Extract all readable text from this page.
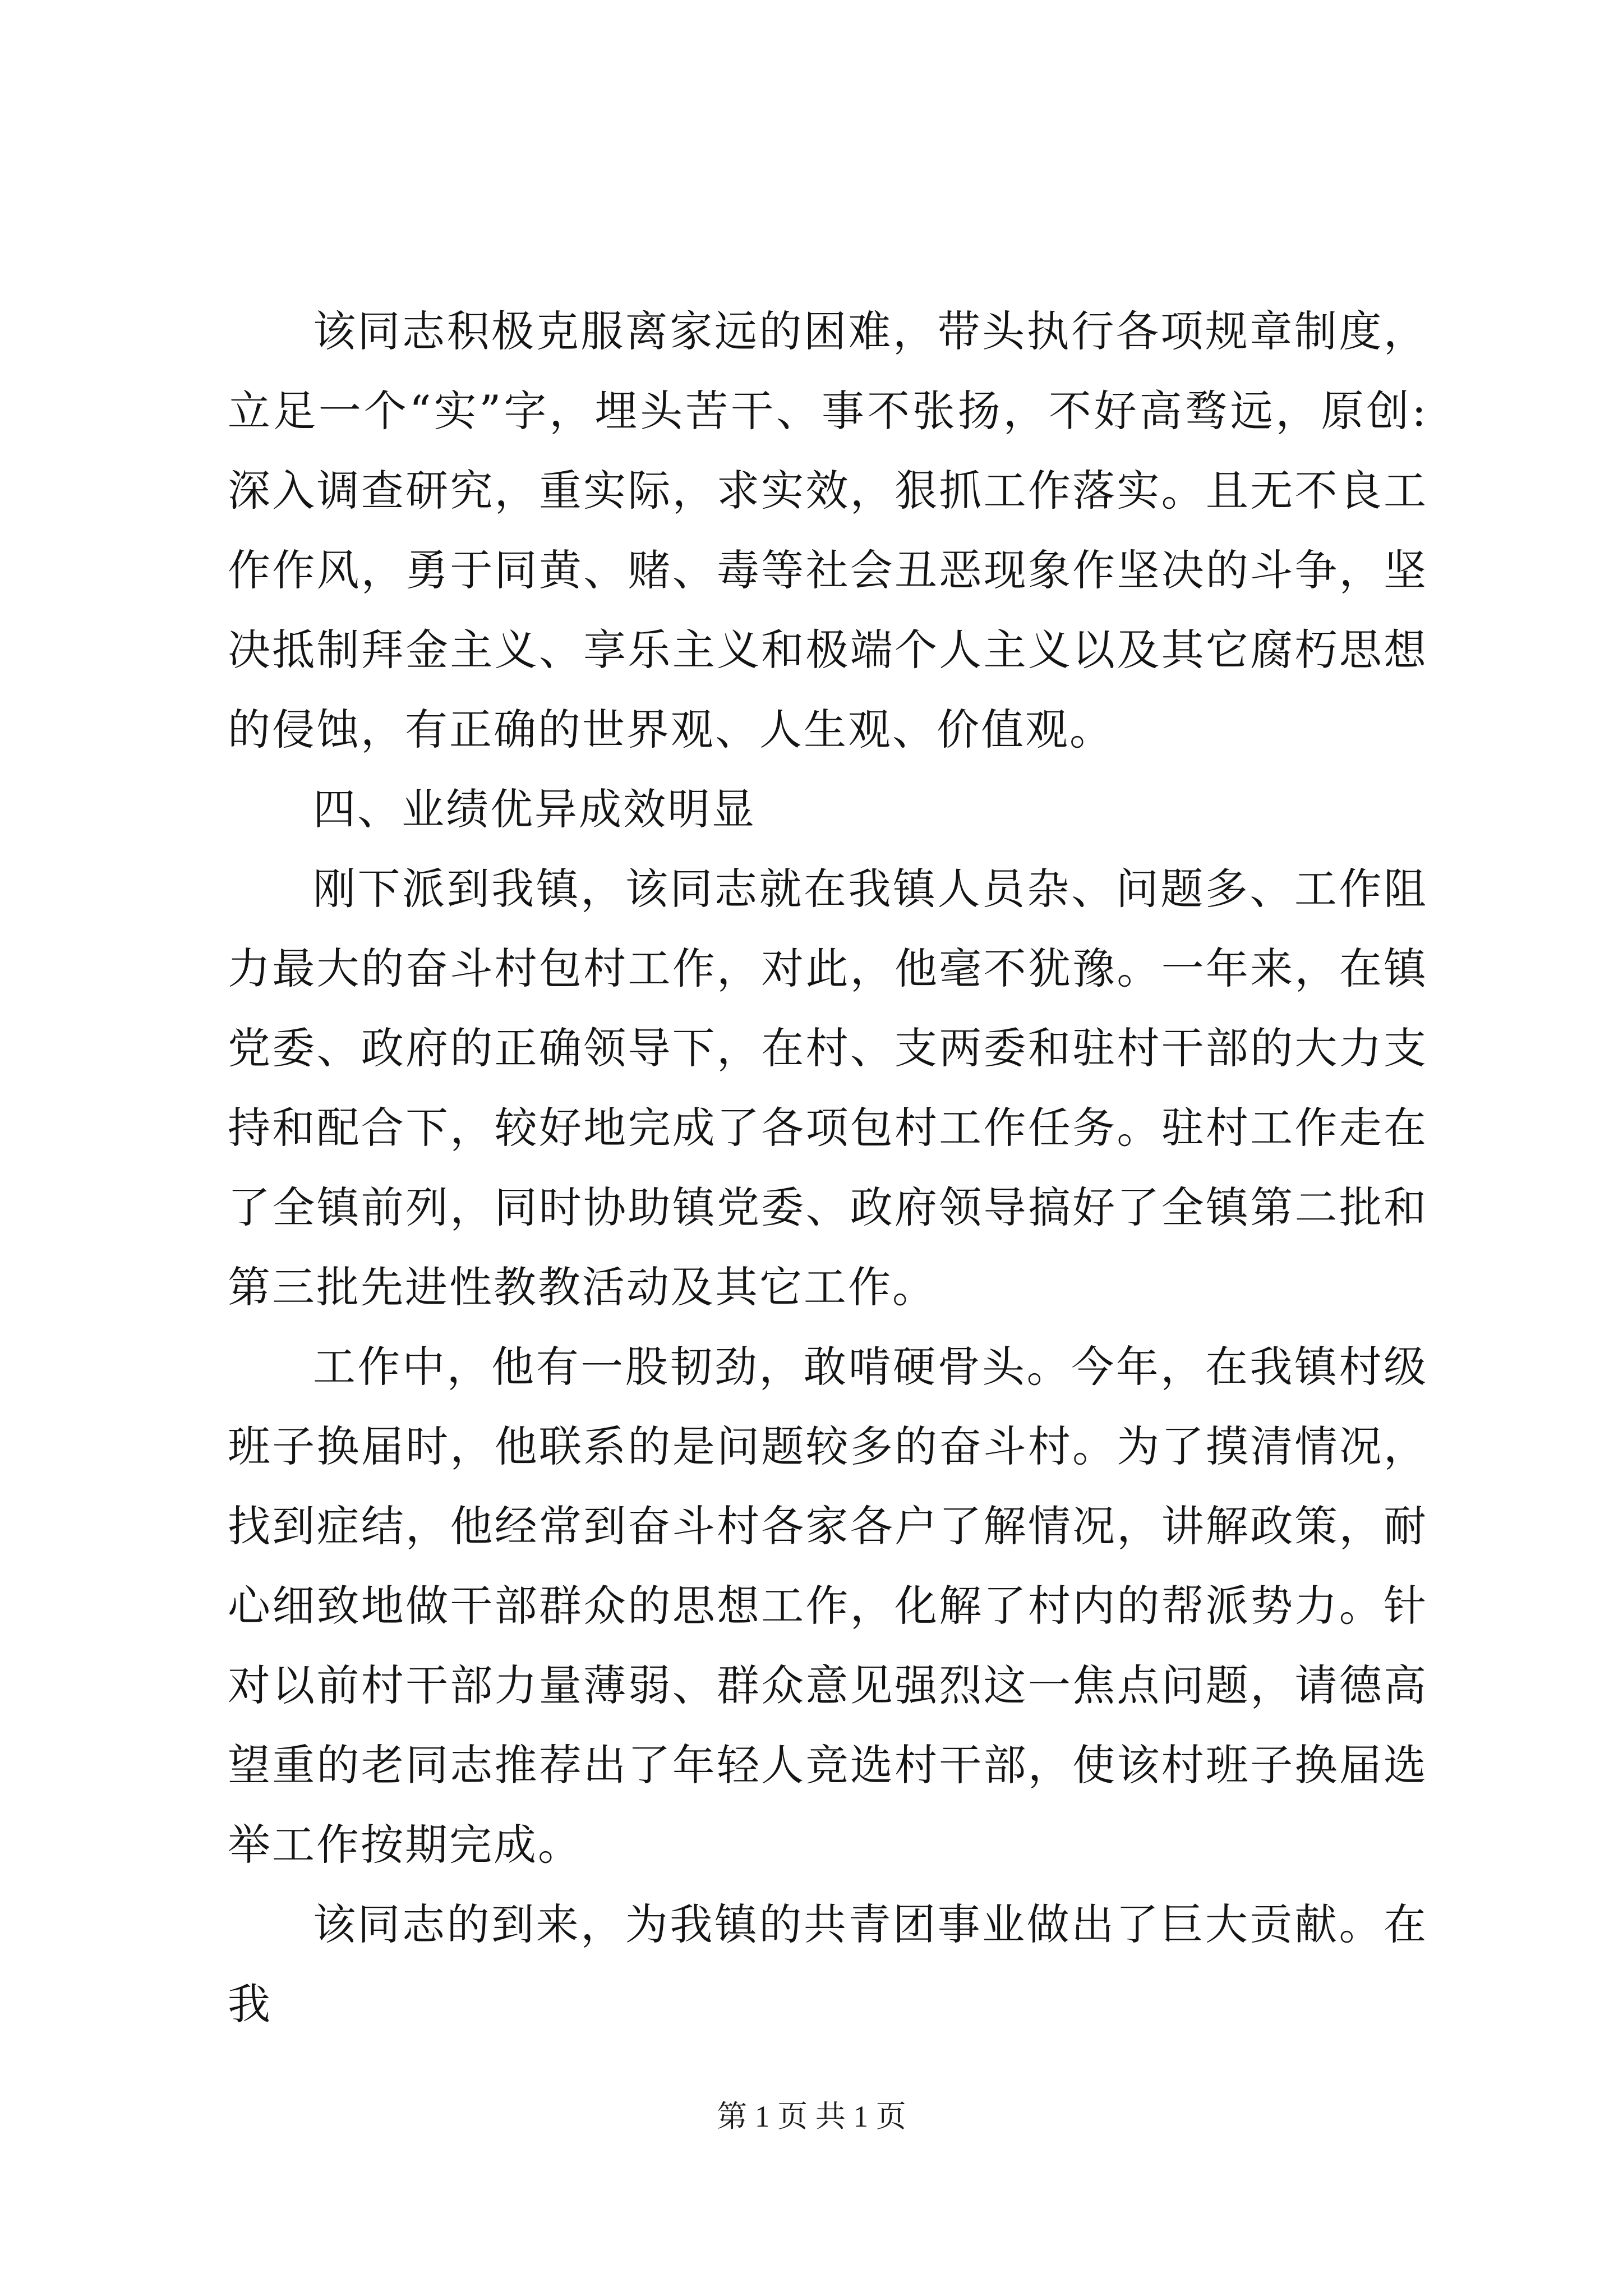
该同志积极克服离家远的困难，带头执行各项规章制度，立足一个“实”字，埋头苦干、事不张扬，不好高骛远，原创:深入调查研究，重实际，求实效，狠抓工作落实。且无不良工作作风，勇于同黄、赌、毒等社会丑恶现象作坚决的斗争，坚决抵制拜金主义、享乐主义和极端个人主义以及其它腐朽思想的侵蚀，有正确的世界观、人生观、价值观。

四、业绩优异成效明显

刚下派到我镇，该同志就在我镇人员杂、问题多、工作阻力最大的奋斗村包村工作，对此，他毫不犹豫。一年来，在镇党委、政府的正确领导下，在村、支两委和驻村干部的大力支持和配合下，较好地完成了各项包村工作任务。驻村工作走在了全镇前列，同时协助镇党委、政府领导搞好了全镇第二批和第三批先进性教教活动及其它工作。

工作中，他有一股韧劲，敢啃硬骨头。今年，在我镇村级班子换届时，他联系的是问题较多的奋斗村。为了摸清情况，找到症结，他经常到奋斗村各家各户了解情况，讲解政策，耐心细致地做干部群众的思想工作，化解了村内的帮派势力。针对以前村干部力量薄弱、群众意见强烈这一焦点问题，请德高望重的老同志推荐出了年轻人竞选村干部，使该村班子换届选举工作按期完成。

该同志的到来，为我镇的共青团事业做出了巨大贡献。在我

第 1 页 共 1 页
